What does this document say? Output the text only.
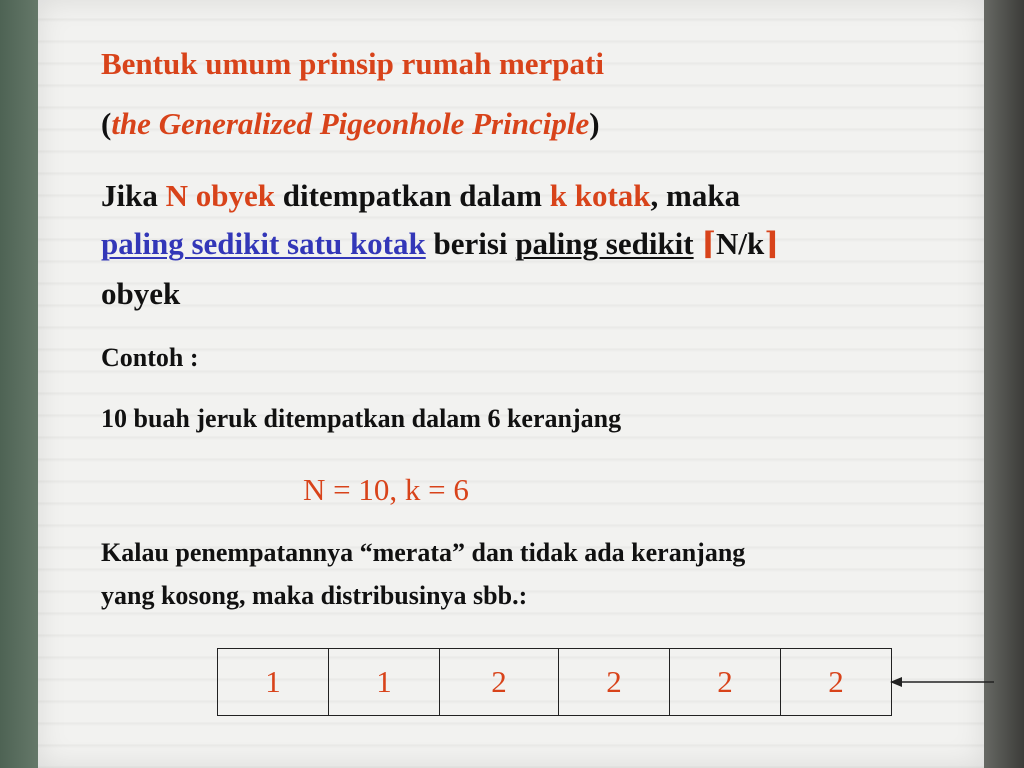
Bentuk umum prinsip rumah merpati
(the Generalized Pigeonhole Principle)
Jika N obyek ditempatkan dalam k kotak, maka
paling sedikit satu kotak berisi paling sedikit ⌈N/k⌉
obyek
Contoh :
10 buah jeruk ditempatkan dalam 6 keranjang
N = 10, k = 6
Kalau penempatannya “merata” dan tidak ada keranjang
yang kosong, maka distribusinya sbb.:
1	1	2	2	2	2
